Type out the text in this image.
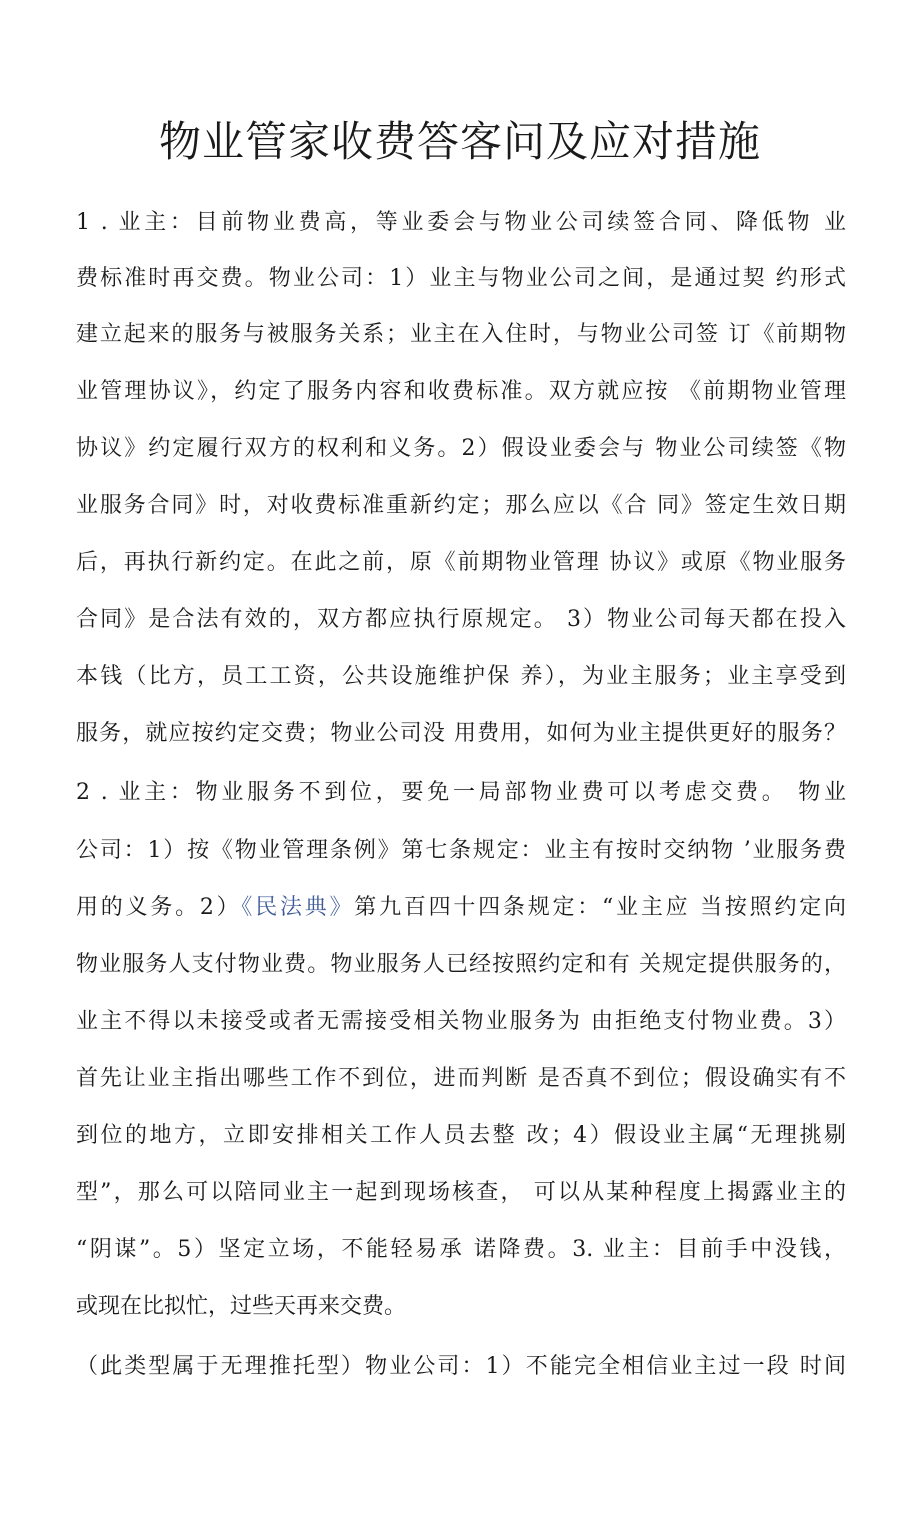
物业管家收费答客问及应对措施
1 . 业主：目前物业费高，等业委会与物业公司续签合同、降低物 业
费标准时再交费。物业公司：1）业主与物业公司之间，是通过契 约形式
建立起来的服务与被服务关系；业主在入住时，与物业公司签 订《前期物
业管理协议》，约定了服务内容和收费标准。双方就应按 《前期物业管理
协议》约定履行双方的权利和义务。2）假设业委会与 物业公司续签《物
业服务合同》时，对收费标准重新约定；那么应以《合 同》签定生效日期
后，再执行新约定。在此之前，原《前期物业管理 协议》或原《物业服务
合同》是合法有效的，双方都应执行原规定。 3）物业公司每天都在投入
本钱（比方，员工工资，公共设施维护保 养），为业主服务；业主享受到
服务，就应按约定交费；物业公司没 用费用，如何为业主提供更好的服务？
2 . 业主：物业服务不到位，要免一局部物业费可以考虑交费。 物业
公司：1）按《物业管理条例》第七条规定：业主有按时交纳物 ’业服务费
用的义务。2）《民法典》第九百四十四条规定：“业主应 当按照约定向
物业服务人支付物业费。物业服务人已经按照约定和有 关规定提供服务的，
业主不得以未接受或者无需接受相关物业服务为 由拒绝支付物业费。3）
首先让业主指出哪些工作不到位，进而判断 是否真不到位；假设确实有不
到位的地方，立即安排相关工作人员去整 改；4）假设业主属“无理挑剔
型”，那么可以陪同业主一起到现场核查， 可以从某种程度上揭露业主的
“阴谋”。5）坚定立场，不能轻易承 诺降费。3. 业主：目前手中没钱，
或现在比拟忙，过些天再来交费。
（此类型属于无理推托型）物业公司：1）不能完全相信业主过一段 时间
